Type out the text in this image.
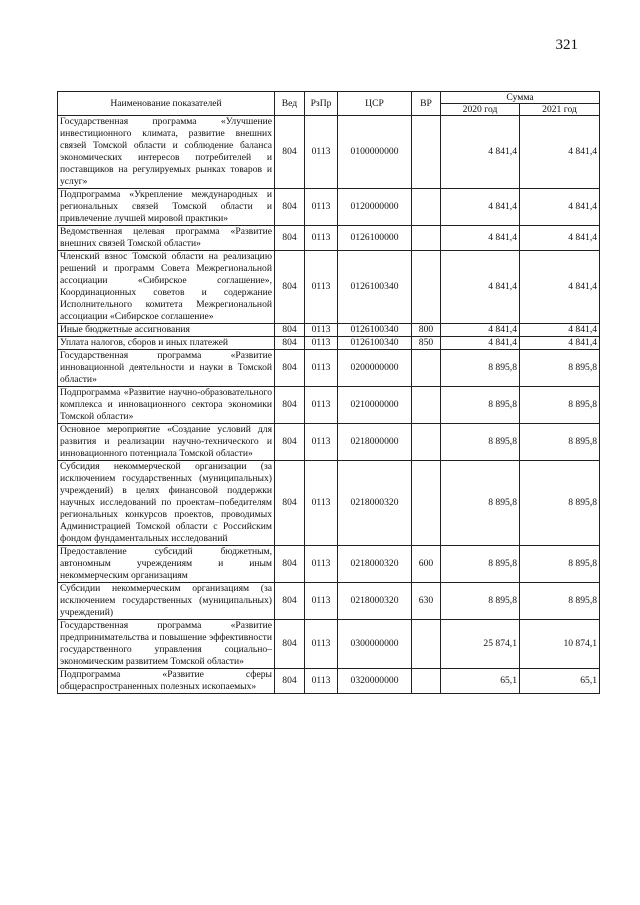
321
Наименование показателей	Вед	РзПр	ЦСР	ВР	Сумма	
					2020 год	2021 год
Государственная программа «Улучшение инвестиционного климата, развитие внешних связей Томской области и соблюдение баланса экономических интересов потребителей и поставщиков на регулируемых рынках товаров и услуг»	804	0113	0100000000		4 841,4	4 841,4
Подпрограмма «Укрепление международных и региональных связей Томской области и привлечение лучшей мировой практики»	804	0113	0120000000		4 841,4	4 841,4
Ведомственная целевая программа «Развитие внешних связей Томской области»	804	0113	0126100000		4 841,4	4 841,4
Членский взнос Томской области на реализацию решений и программ Совета Межрегиональной ассоциации «Сибирское соглашение», Координационных советов и содержание Исполнительного комитета Межрегиональной ассоциации «Сибирское соглашение»	804	0113	0126100340		4 841,4	4 841,4
Иные бюджетные ассигнования	804	0113	0126100340	800	4 841,4	4 841,4
Уплата налогов, сборов и иных платежей	804	0113	0126100340	850	4 841,4	4 841,4
Государственная программа «Развитие инновационной деятельности и науки в Томской области»	804	0113	0200000000		8 895,8	8 895,8
Подпрограмма «Развитие научно-образовательного комплекса и инновационного сектора экономики Томской области»	804	0113	0210000000		8 895,8	8 895,8
Основное мероприятие «Создание условий для развития и реализации научно-технического и инновационного потенциала Томской области»	804	0113	0218000000		8 895,8	8 895,8
Субсидия некоммерческой организации (за исключением государственных (муниципальных) учреждений) в целях финансовой поддержки научных исследований по проектам–победителям региональных конкурсов проектов, проводимых Администрацией Томской области с Российским фондом фундаментальных исследований	804	0113	0218000320		8 895,8	8 895,8
Предоставление субсидий бюджетным, автономным учреждениям и иным некоммерческим организациям	804	0113	0218000320	600	8 895,8	8 895,8
Субсидии некоммерческим организациям (за исключением государственных (муниципальных) учреждений)	804	0113	0218000320	630	8 895,8	8 895,8
Государственная программа «Развитие предпринимательства и повышение эффективности государственного управления социально–экономическим развитием Томской области»	804	0113	0300000000		25 874,1	10 874,1
Подпрограмма «Развитие сферы общераспространенных полезных ископаемых»	804	0113	0320000000		65,1	65,1
